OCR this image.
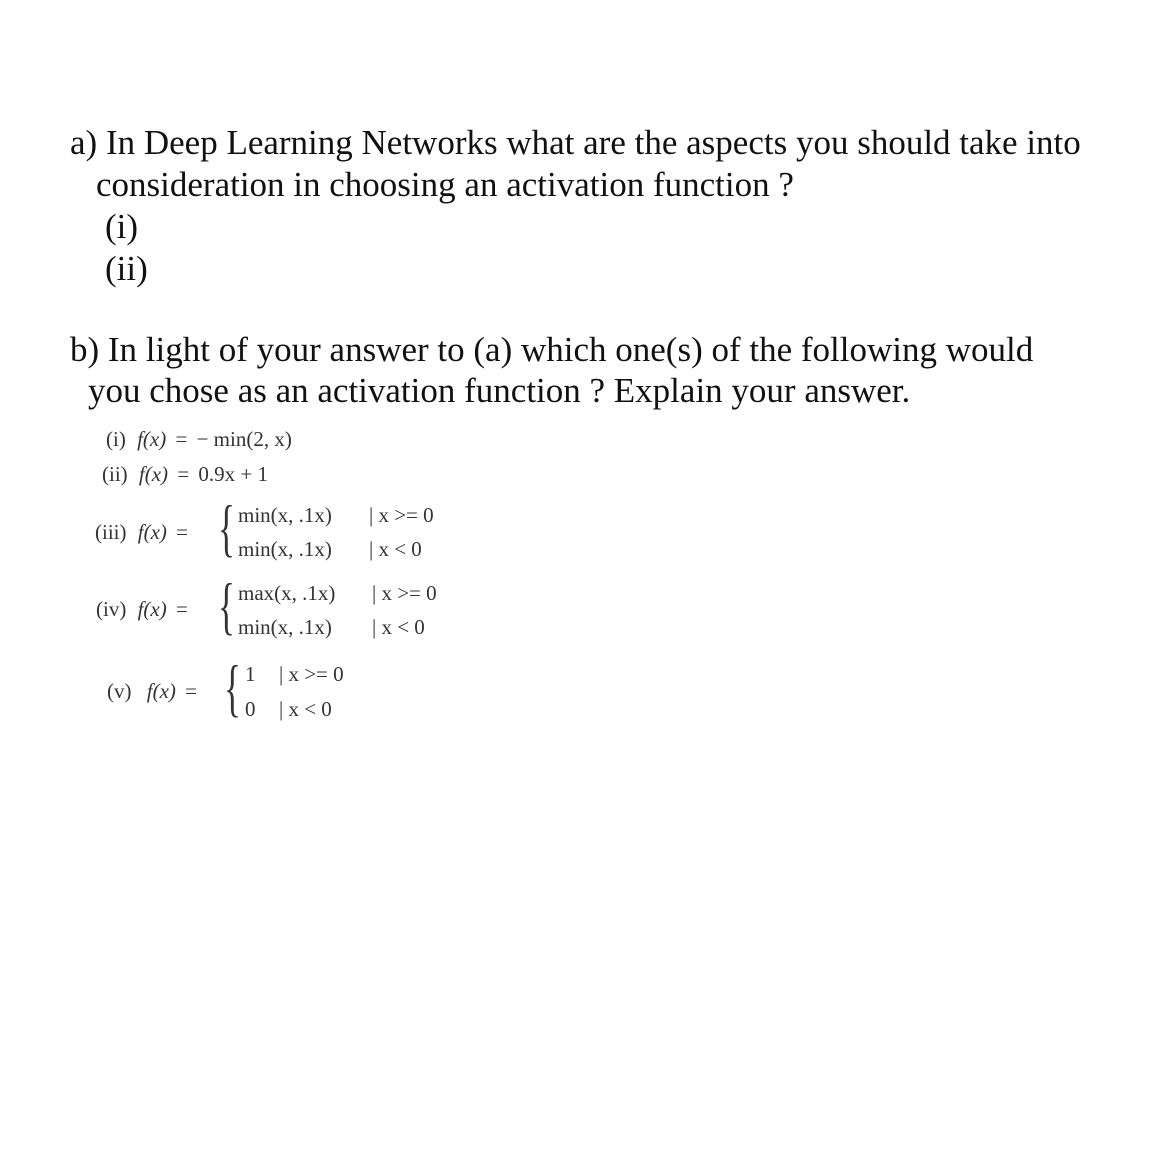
a) In Deep Learning Networks what are the aspects you should take into
consideration in choosing an activation function ?
(i)
(ii)
b) In light of your answer to (a) which one(s) of the following would
you chose as an activation function ? Explain your answer.
(i) f(x) = − min(2, x)
(ii) f(x) = 0.9x + 1
(iii) f(x) = { min(x, .1x) | x >= 0
min(x, .1x) | x < 0
(iv) f(x) = { max(x, .1x) | x >= 0
min(x, .1x) | x < 0
(v) f(x) = { 1 | x >= 0
0 | x < 0
